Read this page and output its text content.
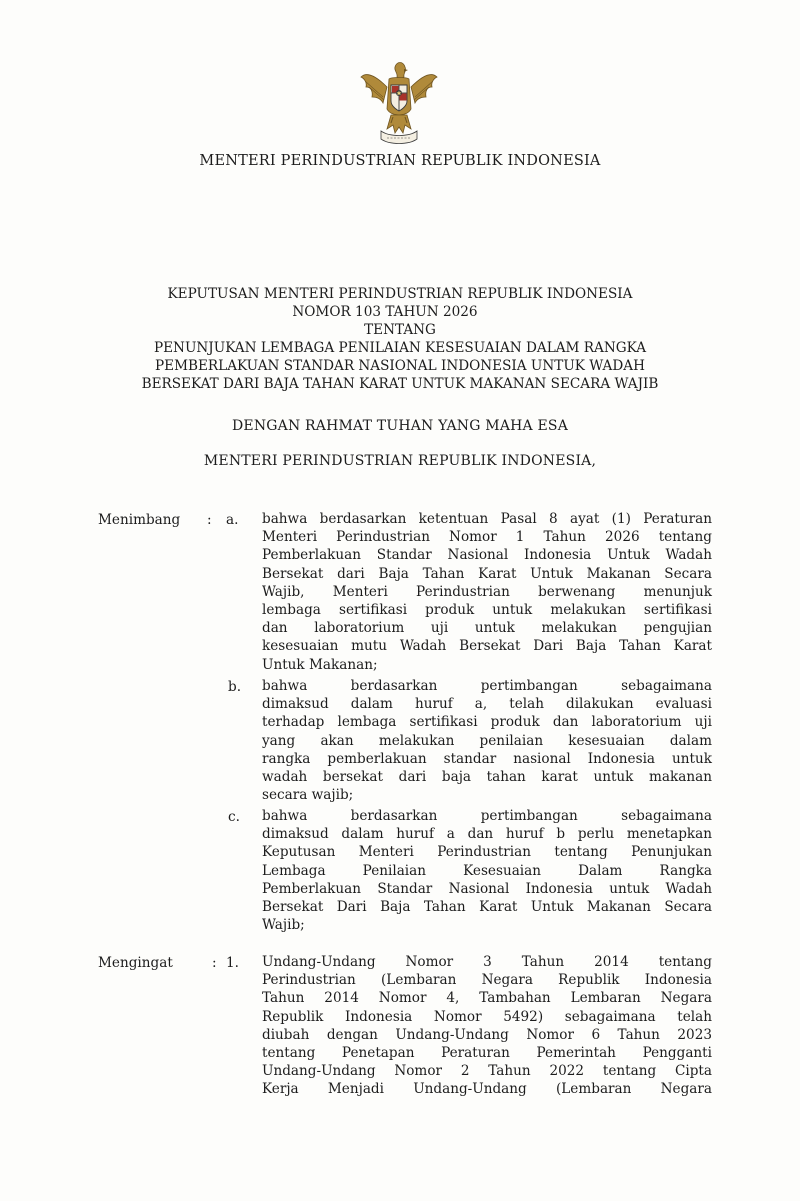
MENTERI PERINDUSTRIAN REPUBLIK INDONESIA
KEPUTUSAN MENTERI PERINDUSTRIAN REPUBLIK INDONESIA
NOMOR 103 TAHUN 2026
TENTANG
PENUNJUKAN LEMBAGA PENILAIAN KESESUAIAN DALAM RANGKA
PEMBERLAKUAN STANDAR NASIONAL INDONESIA UNTUK WADAH
BERSEKAT DARI BAJA TAHAN KARAT UNTUK MAKANAN SECARA WAJIB
DENGAN RAHMAT TUHAN YANG MAHA ESA
MENTERI PERINDUSTRIAN REPUBLIK INDONESIA,
Menimbang : a. bahwa berdasarkan ketentuan Pasal 8 ayat (1) Peraturan
Menteri Perindustrian Nomor 1 Tahun 2026 tentang
Pemberlakuan Standar Nasional Indonesia Untuk Wadah
Bersekat dari Baja Tahan Karat Untuk Makanan Secara
Wajib, Menteri Perindustrian berwenang menunjuk
lembaga sertifikasi produk untuk melakukan sertifikasi
dan laboratorium uji untuk melakukan pengujian
kesesuaian mutu Wadah Bersekat Dari Baja Tahan Karat
Untuk Makanan;
b. bahwa berdasarkan pertimbangan sebagaimana
dimaksud dalam huruf a, telah dilakukan evaluasi
terhadap lembaga sertifikasi produk dan laboratorium uji
yang akan melakukan penilaian kesesuaian dalam
rangka pemberlakuan standar nasional Indonesia untuk
wadah bersekat dari baja tahan karat untuk makanan
secara wajib;
c. bahwa berdasarkan pertimbangan sebagaimana
dimaksud dalam huruf a dan huruf b perlu menetapkan
Keputusan Menteri Perindustrian tentang Penunjukan
Lembaga Penilaian Kesesuaian Dalam Rangka
Pemberlakuan Standar Nasional Indonesia untuk Wadah
Bersekat Dari Baja Tahan Karat Untuk Makanan Secara
Wajib;
Mengingat	: 1. Undang-Undang Nomor 3 Tahun 2014 tentang
Perindustrian (Lembaran Negara Republik Indonesia
Tahun 2014 Nomor 4, Tambahan Lembaran Negara
Republik Indonesia Nomor 5492) sebagaimana telah
diubah dengan Undang-Undang Nomor 6 Tahun 2023
tentang Penetapan Peraturan Pemerintah Pengganti
Undang-Undang Nomor 2 Tahun 2022 tentang Cipta
Kerja Menjadi Undang-Undang (Lembaran Negara
